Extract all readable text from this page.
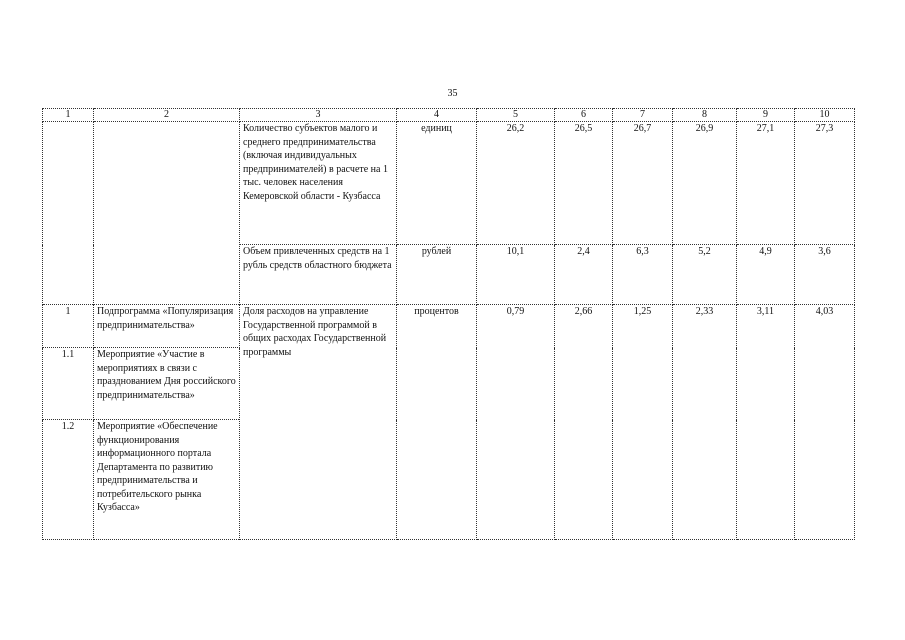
35
1	2	3	4	5	6	7	8	9	10
		Количество субъектов малого и среднего предпринимательства (включая индивидуальных предпринимателей) в расчете на 1 тыс. человек населения Кемеровской области - Кузбасса	единиц	26,2	26,5	26,7	26,9	27,1	27,3
		Объем привлеченных средств на 1 рубль средств областного бюджета	рублей	10,1	2,4	6,3	5,2	4,9	3,6
1	Подпрограмма «Популяризация предпринимательства»	Доля расходов на управление Государственной программой в общих расходах Государственной программы	процентов	0,79	2,66	1,25	2,33	3,11	4,03
1.1	Мероприятие «Участие в мероприятиях в связи с празднованием Дня российского предпринимательства»								
1.2	Мероприятие «Обеспечение функционирования информационного портала Департамента по развитию предпринимательства и потребительского рынка Кузбасса»								
